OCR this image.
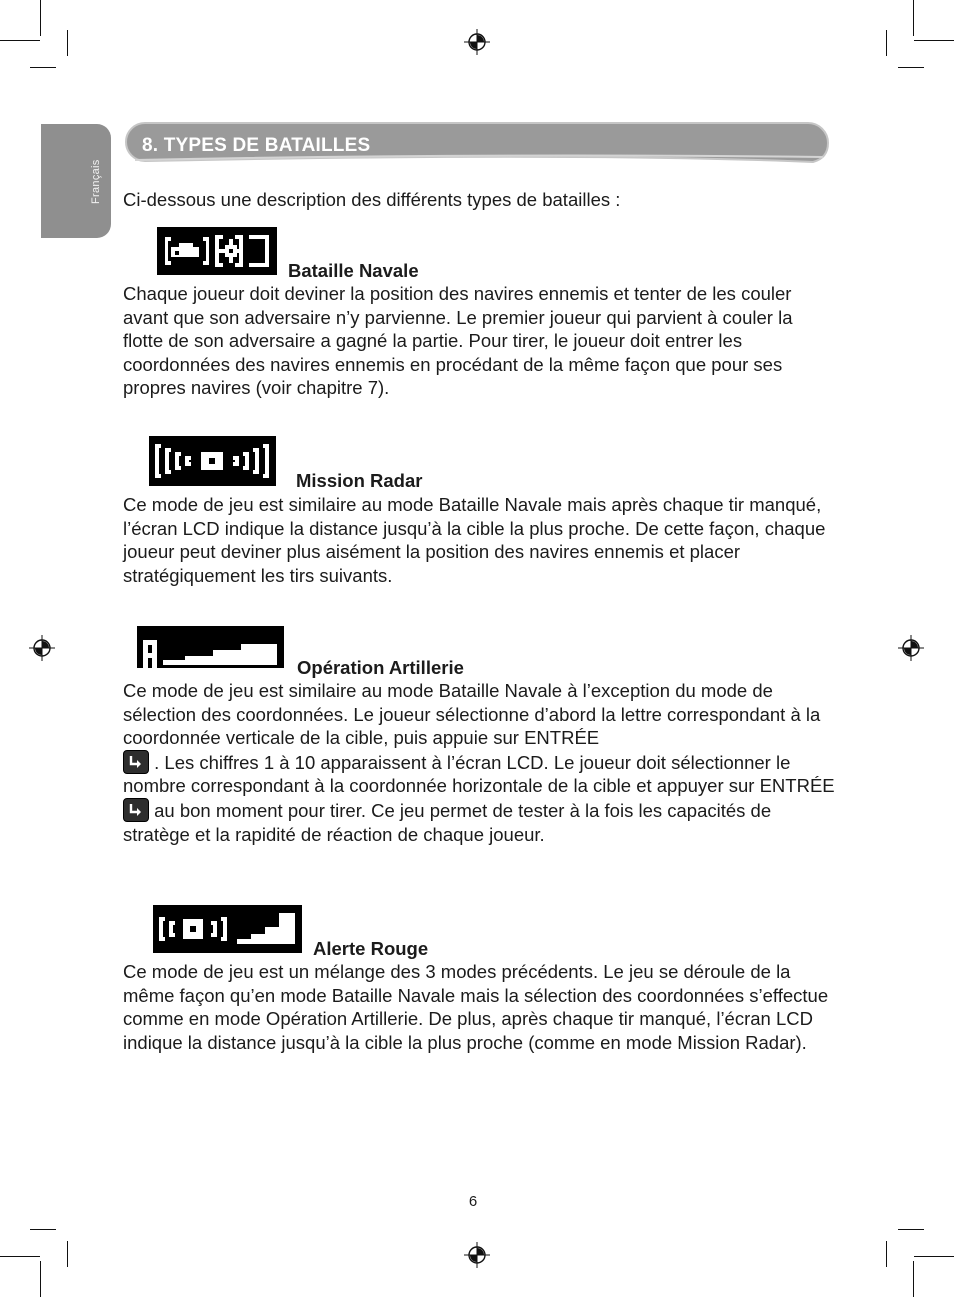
Français
8. TYPES DE BATAILLES

Ci-dessous une description des différents types de batailles :

Bataille Navale

Chaque joueur doit deviner la position des navires ennemis et tenter de les couler avant que son adversaire n’y parvienne. Le premier joueur qui parvient à couler la flotte de son adversaire a gagné la partie. Pour tirer, le joueur doit entrer les coordonnées des navires ennemis en procédant de la même façon que pour ses propres navires (voir chapitre 7).

Mission Radar

Ce mode de jeu est similaire au mode Bataille Navale mais après chaque tir manqué, l’écran LCD indique la distance jusqu’à la cible la plus proche. De cette façon, chaque joueur peut deviner plus aisément la position des navires ennemis et placer stratégiquement les tirs suivants.

Opération Artillerie

Ce mode de jeu est similaire au mode Bataille Navale à l’exception du mode de sélection des coordonnées. Le joueur sélectionne d’abord la lettre correspondant à la coordonnée verticale de la cible, puis appuie sur ENTRÉE

. Les chiffres 1 à 10 apparaissent à l’écran LCD. Le joueur doit sélectionner le nombre correspondant à la coordonnée horizontale de la cible et appuyer sur ENTRÉE
au bon moment pour tirer. Ce jeu permet de tester à la fois les capacités de stratège et la rapidité de réaction de chaque joueur.

Alerte Rouge

Ce mode de jeu est un mélange des 3 modes précédents. Le jeu se déroule de la même façon qu’en mode Bataille Navale mais la sélection des coordonnées s’effectue comme en mode Opération Artillerie. De plus, après chaque tir manqué, l’écran LCD indique la distance jusqu’à la cible la plus proche (comme en mode Mission Radar).

6
